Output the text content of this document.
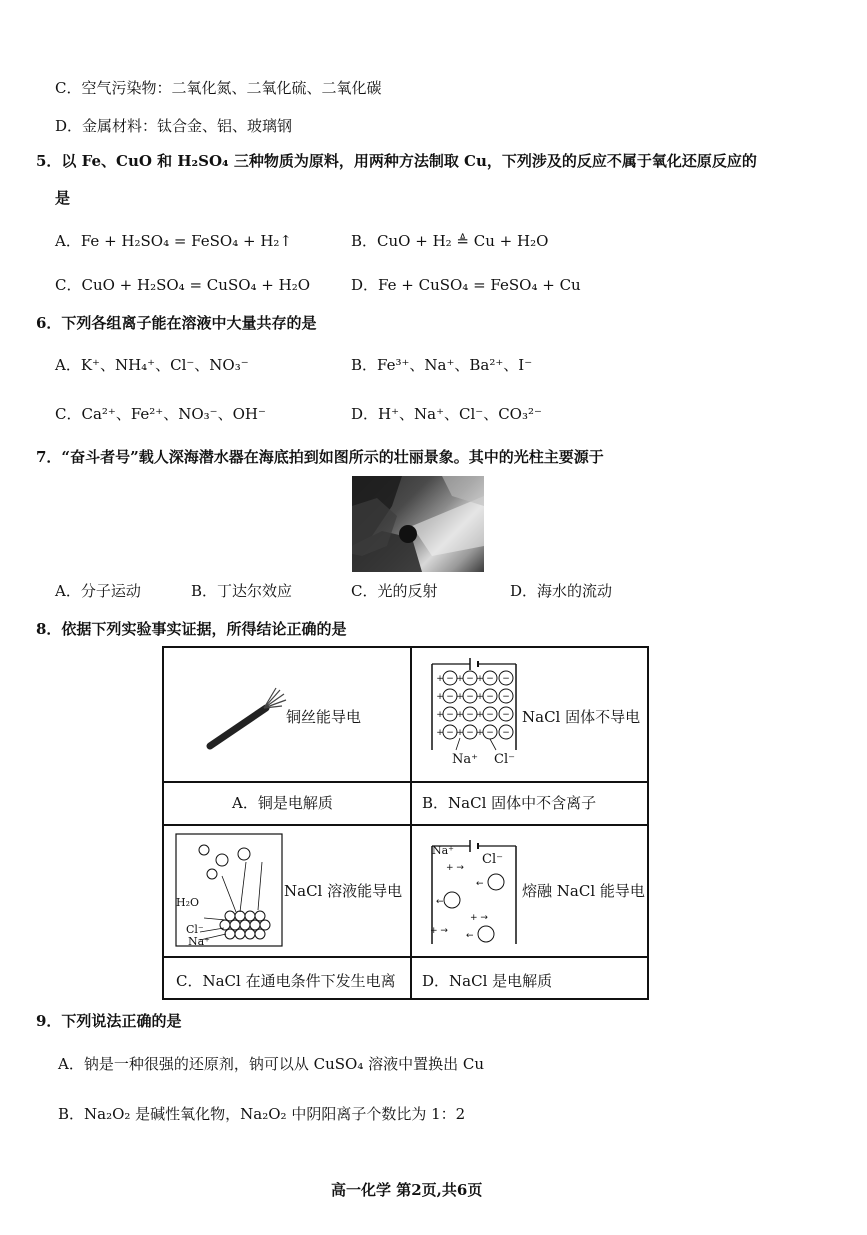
C．空气污染物：二氧化氮、二氧化硫、二氧化碳
D．金属材料：钛合金、铝、玻璃钢
5．以 Fe、CuO 和 H₂SO₄ 三种物质为原料，用两种方法制取 Cu，下列涉及的反应不属于氧化还原反应的
是
A．Fe + H₂SO₄ = FeSO₄ + H₂↑	B．CuO + H₂ ≜ Cu + H₂O
C．CuO + H₂SO₄ = CuSO₄ + H₂O	D．Fe + CuSO₄ = FeSO₄ + Cu
6．下列各组离子能在溶液中大量共存的是
A．K⁺、NH₄⁺、Cl⁻、NO₃⁻	B．Fe³⁺、Na⁺、Ba²⁺、I⁻
C．Ca²⁺、Fe²⁺、NO₃⁻、OH⁻	D．H⁺、Na⁺、Cl⁻、CO₃²⁻
7．“奋斗者号”载人深海潜水器在海底拍到如图所示的壮丽景象。其中的光柱主要源于
A．分子运动	B．丁达尔效应	C．光的反射	D．海水的流动
8．依据下列实验事实证据，所得结论正确的是
铜丝能导电
+ + +
+ + +
+ + +
+ + +
− − − −
− − − −
− − − −
− − − −
Na⁺ Cl⁻
NaCl 固体不导电
A．铜是电解质	B．NaCl 固体中不含离子
H₂O
Cl⁻
Na⁺
NaCl 溶液能导电
+ →
+ →
+ →
←
←
←
Na⁺
Cl⁻
熔融 NaCl 能导电
C．NaCl 在通电条件下发生电离 D．NaCl 是电解质
9．下列说法正确的是
A．钠是一种很强的还原剂，钠可以从 CuSO₄ 溶液中置换出 Cu
B．Na₂O₂ 是碱性氧化物，Na₂O₂ 中阴阳离子个数比为 1：2
高一化学 第2页,共6页
